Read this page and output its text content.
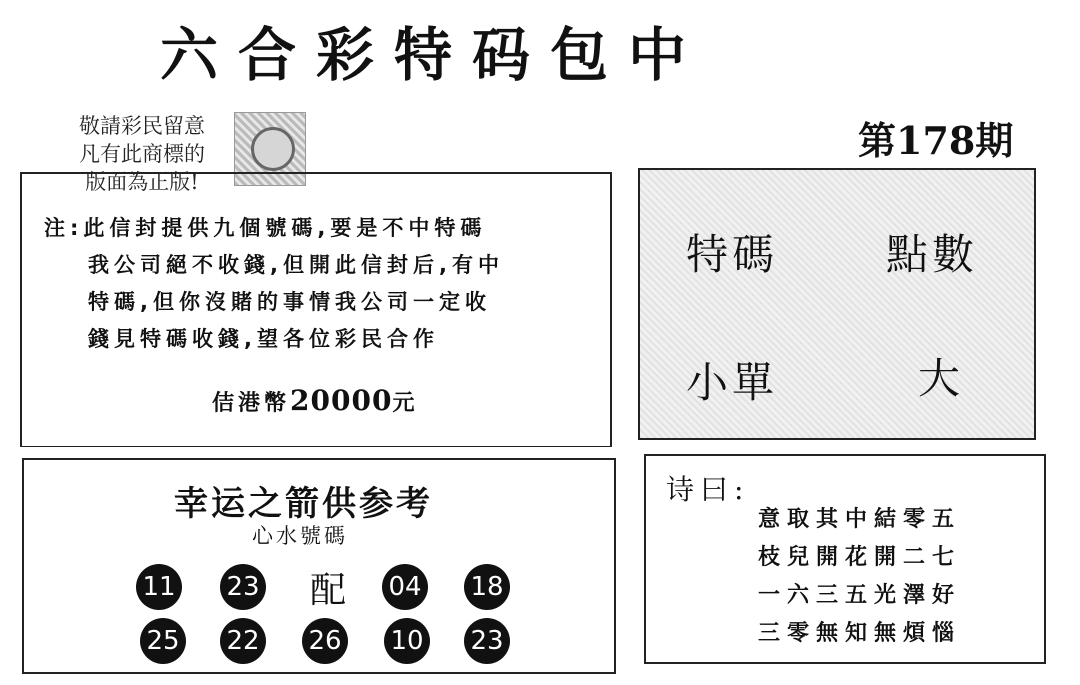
六合彩特码包中
第178期
敬請彩民留意
凡有此商標的
版面為正版!
注:此信封提供九個號碼,要是不中特碼
我公司絕不收錢,但開此信封后,有中
特碼,但你沒賭的事情我公司一定收
錢見特碼收錢,望各位彩民合作
佶港幣20000元
特碼	點數
小單	大
幸运之箭供参考
心水號碼
11 23 配 04 18
25 22 26 10 23
诗曰:
意取其中結零五
枝兒開花開二七
一六三五光澤好
三零無知無煩惱
